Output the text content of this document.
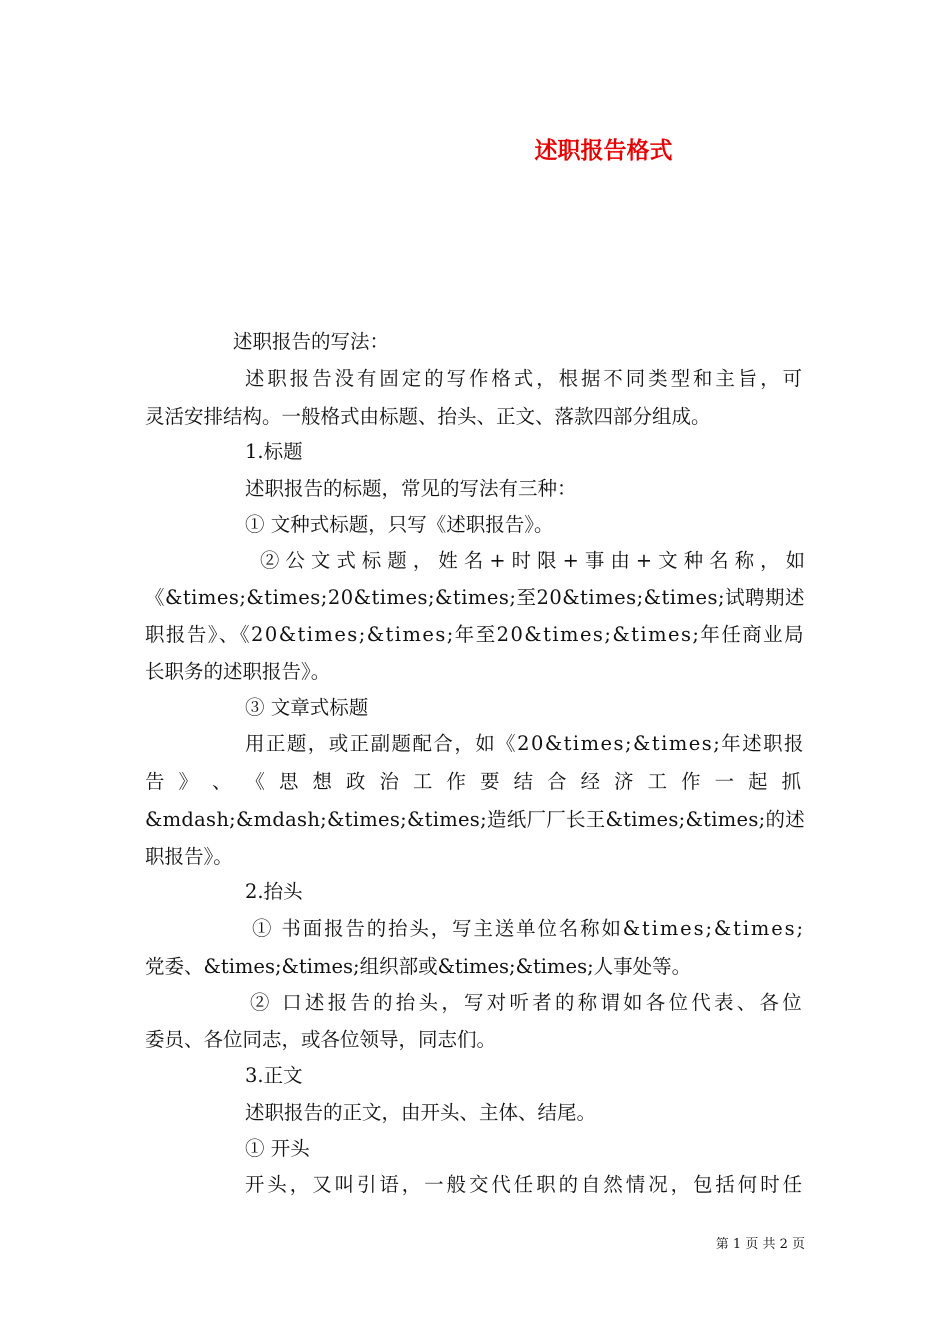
述职报告格式
述职报告的写法：
述职报告没有固定的写作格式，根据不同类型和主旨，可
灵活安排结构。一般格式由标题、抬头、正文、落款四部分组成。
1.标题
述职报告的标题，常见的写法有三种：
① 文种式标题，只写《述职报告》。
② 公 文 式 标 题 ， 姓 名 + 时 限 + 事 由 + 文 种 名 称 ， 如
《&times;&times;20&times;&times;至20&times;&times;试聘期述
职报告》、《20&times;&times;年至20&times;&times;年任商业局
长职务的述职报告》。
③ 文章式标题
用正题，或正副题配合，如《20&times;&times;年述职报
告 》 、 《 思 想 政 治 工 作 要 结 合 经 济 工 作 一 起 抓
&mdash;&mdash;&times;&times;造纸厂厂长王&times;&times;的述
职报告》。
2.抬头
① 书面报告的抬头，写主送单位名称如&times;&times;
党委、&times;&times;组织部或&times;&times;人事处等。
② 口述报告的抬头，写对听者的称谓如各位代表、各位
委员、各位同志，或各位领导，同志们。
3.正文
述职报告的正文，由开头、主体、结尾。
① 开头
开头，又叫引语，一般交代任职的自然情况，包括何时任
第 1 页 共 2 页
